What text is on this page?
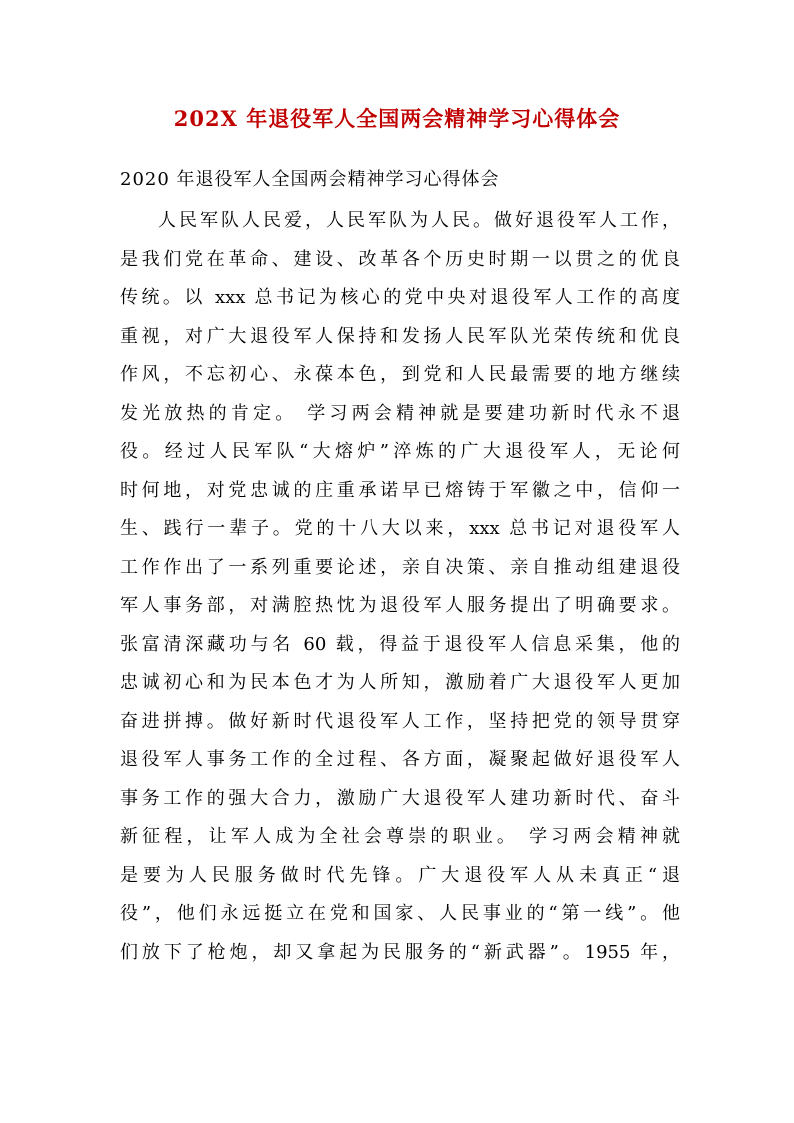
202X 年退役军人全国两会精神学习心得体会
2020 年退役军人全国两会精神学习心得体会
人民军队人民爱，人民军队为人民。做好退役军人工作，
是我们党在革命、建设、改革各个历史时期一以贯之的优良
传统。以 xxx 总书记为核心的党中央对退役军人工作的高度
重视，对广大退役军人保持和发扬人民军队光荣传统和优良
作风，不忘初心、永葆本色，到党和人民最需要的地方继续
发光放热的肯定。 学习两会精神就是要建功新时代永不退
役。经过人民军队“大熔炉”淬炼的广大退役军人，无论何
时何地，对党忠诚的庄重承诺早已熔铸于军徽之中，信仰一
生、践行一辈子。党的十八大以来，xxx 总书记对退役军人
工作作出了一系列重要论述，亲自决策、亲自推动组建退役
军人事务部，对满腔热忱为退役军人服务提出了明确要求。
张富清深藏功与名 60 载，得益于退役军人信息采集，他的
忠诚初心和为民本色才为人所知，激励着广大退役军人更加
奋进拼搏。做好新时代退役军人工作，坚持把党的领导贯穿
退役军人事务工作的全过程、各方面，凝聚起做好退役军人
事务工作的强大合力，激励广大退役军人建功新时代、奋斗
新征程，让军人成为全社会尊崇的职业。 学习两会精神就
是要为人民服务做时代先锋。广大退役军人从未真正“退
役”，他们永远挺立在党和国家、人民事业的“第一线”。他
们放下了枪炮，却又拿起为民服务的“新武器”。1955 年，
